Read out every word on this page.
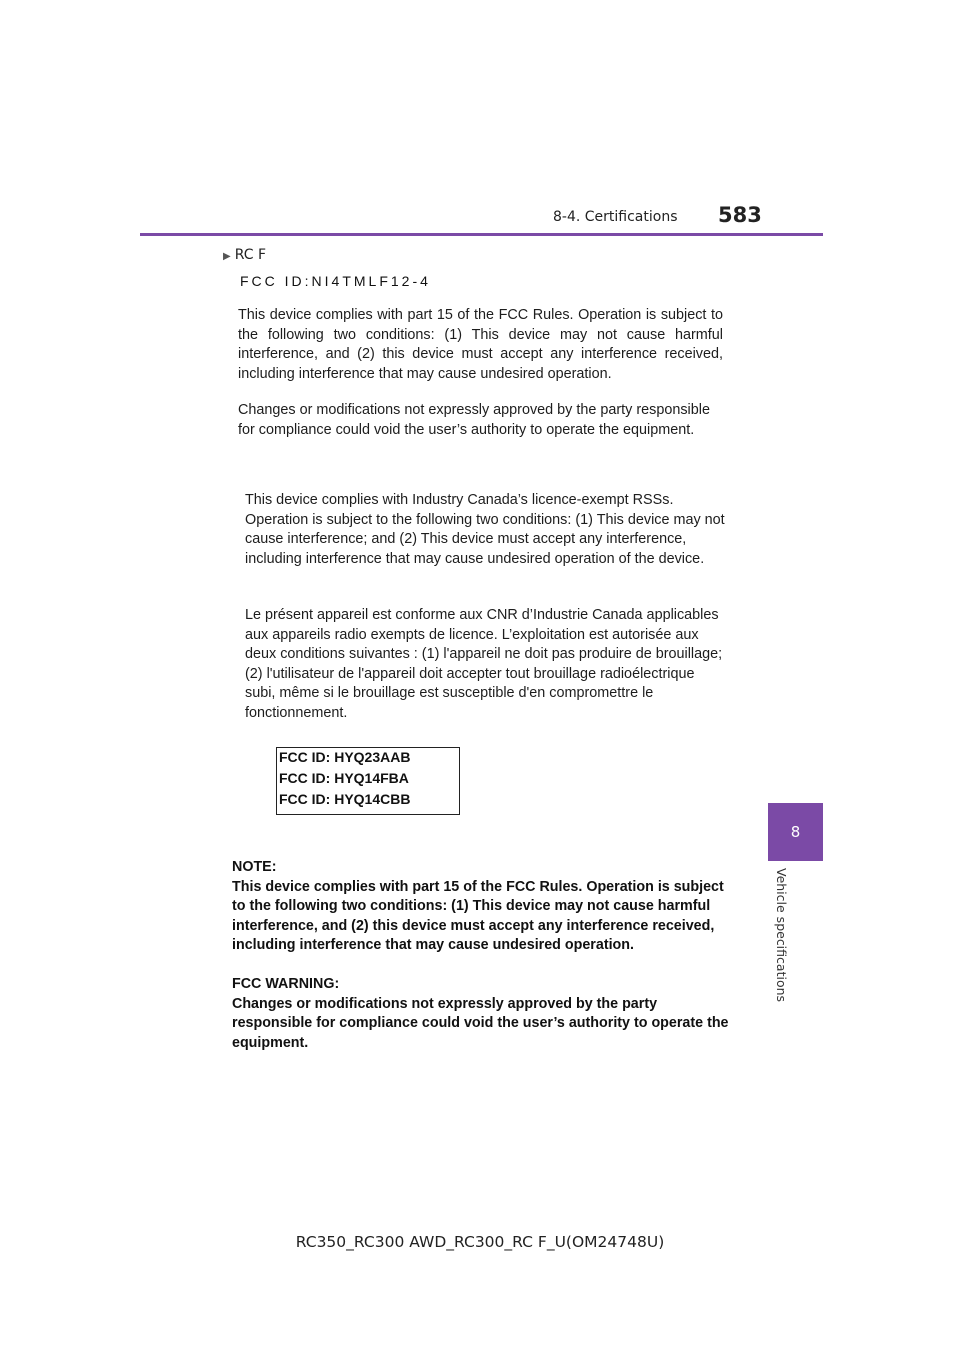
8-4. Certifications 583
8
Vehicle specifications
▶ RC F
FCC ID:NI4TMLF12-4
This device complies with part 15 of the FCC Rules. Operation is subject to the following two conditions: (1) This device may not cause harmful interference, and (2) this device must accept any interference received, including interference that may cause undesired operation.
Changes or modifications not expressly approved by the party responsible for compliance could void the user’s authority to operate the equipment.
This device complies with Industry Canada’s licence-exempt RSSs. Operation is subject to the following two conditions: (1) This device may not cause interference; and (2) This device must accept any interference, including interference that may cause undesired operation of the device.
Le présent appareil est conforme aux CNR d’Industrie Canada applicables aux appareils radio exempts de licence. L’exploitation est autorisée aux deux conditions suivantes : (1) l'appareil ne doit pas produire de brouillage; (2) l'utilisateur de l'appareil doit accepter tout brouillage radioélectrique subi, même si le brouillage est susceptible d'en compromettre le fonctionnement.
FCC ID: HYQ23AAB
FCC ID: HYQ14FBA
FCC ID: HYQ14CBB

NOTE:

This device complies with part 15 of the FCC Rules. Operation is subject to the following two conditions: (1) This device may not cause harmful interference, and (2) this device must accept any interference received, including interference that may cause undesired operation.

FCC WARNING:

Changes or modifications not expressly approved by the party responsible for compliance could void the user’s authority to operate the equipment.

RC350_RC300 AWD_RC300_RC F_U(OM24748U)
